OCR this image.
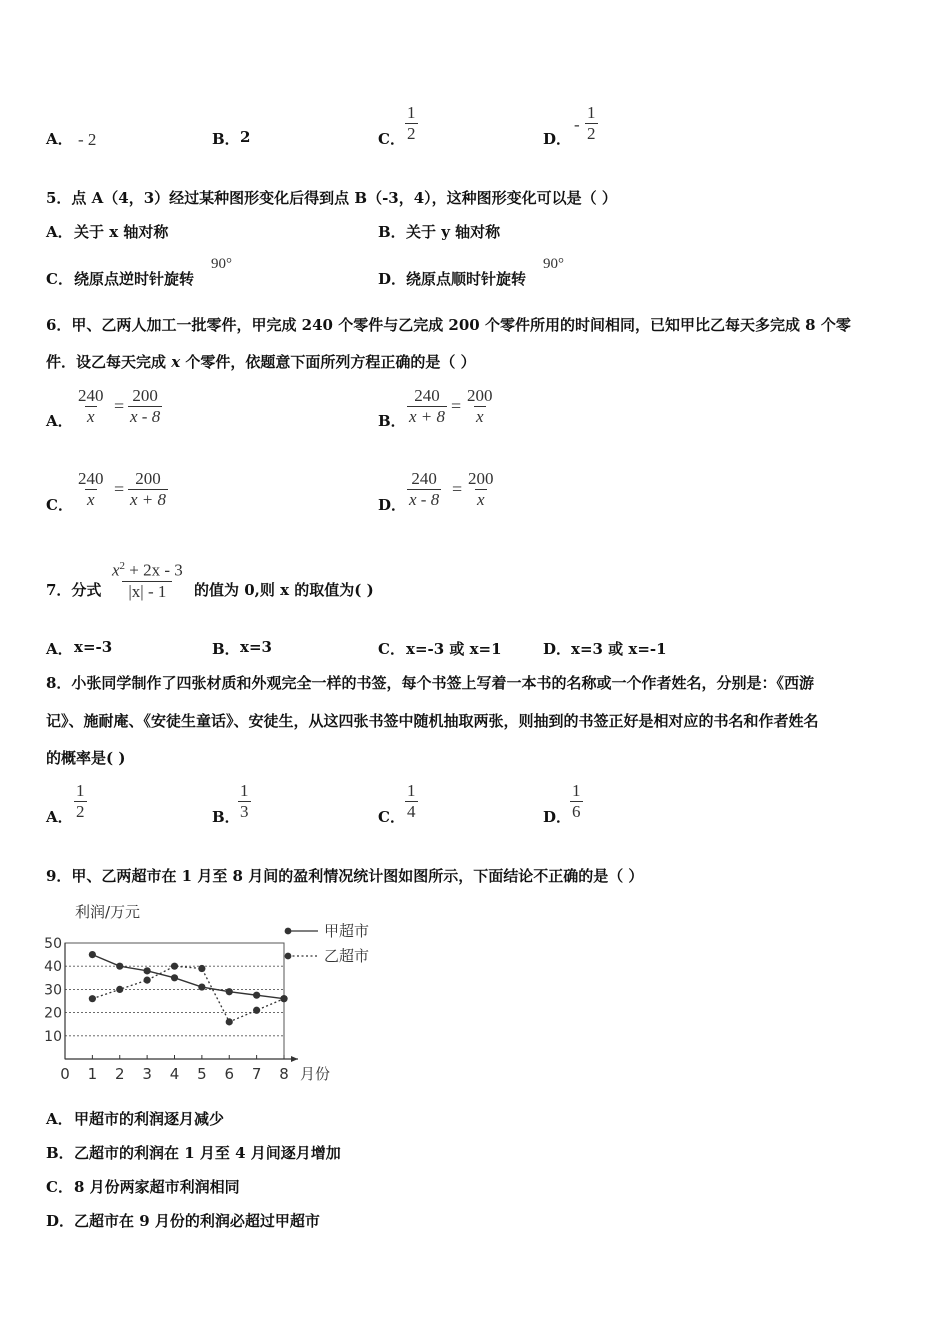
A． - 2	B． 2	C． $\frac{1}{2}$	D．
- $\frac{1}{2}$
5．点 A（4，3）经过某种图形变化后得到点 B（-3，4），这种图形变化可以是（ ）
A． 关于 x 轴对称	B． 关于 y 轴对称
C． 绕原点逆时针旋转
90°
D． 绕原点顺时针旋转
90°
6．甲、乙两人加工一批零件，甲完成 240 个零件与乙完成 200 个零件所用的时间相同，已知甲比乙每天多完成 8 个零
件．设乙每天完成 x 个零件，依题意下面所列方程正确的是（ ）
A． $\frac{240}{x} = \frac{200}{x - 8}$	B． $\frac{240}{x + 8} = \frac{200}{x}$
C． $\frac{240}{x} = \frac{200}{x + 8}$	D． $\frac{240}{x - 8} = \frac{200}{x}$
7．分式 $\frac{x^2 + 2x - 3}{|x| - 1}$ 的值为 0,则 x 的取值为( )
A． x=-3	B． x=3	C． x=-3 或 x=1	D． x=3 或 x=-1
8．小张同学制作了四张材质和外观完全一样的书签，每个书签上写着一本书的名称或一个作者姓名，分别是：《西游
记》、施耐庵、《安徒生童话》、安徒生，从这四张书签中随机抽取两张，则抽到的书签正好是相对应的书名和作者姓名
的概率是( )
A． $\frac{1}{2}$	B．
$\frac{1}{3}$	C． $\frac{1}{4}$	D．
$\frac{1}{6}$
9．甲、乙两超市在 1 月至 8 月间的盈利情况统计图如图所示，下面结论不正确的是（ ）
0 1 2 3 4 5 6 7 8
10
20
30
40
50
利润/万元
月份
甲超市
乙超市
A． 甲超市的利润逐月减少
B． 乙超市的利润在 1 月至 4 月间逐月增加
C． 8 月份两家超市利润相同
D． 乙超市在 9 月份的利润必超过甲超市
